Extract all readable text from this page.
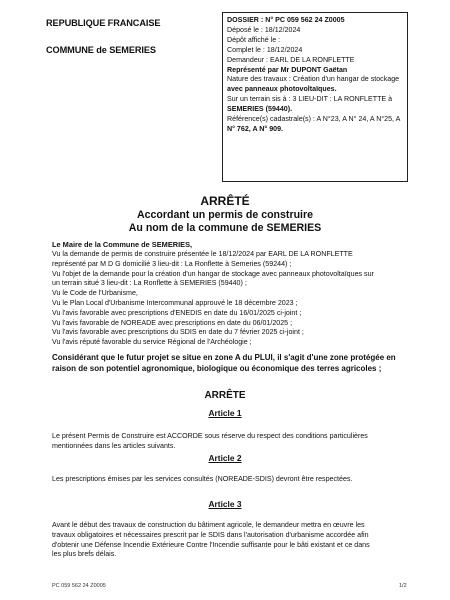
REPUBLIQUE FRANCAISE
COMMUNE de SEMERIES
DOSSIER : N° PC 059 562 24 Z0005
Déposé le : 18/12/2024
Dépôt affiché le :
Complet le : 18/12/2024
Demandeur : EARL DE LA RONFLETTE
Représenté par Mr DUPONT Gaëtan
Nature des travaux : Création d'un hangar de stockage
avec panneaux photovoltaïques.
Sur un terrain sis à : 3 LIEU-DIT : LA RONFLETTE à
SEMERIES (59440).
Référence(s) cadastrale(s) : A N°23, A N° 24, A N°25, A
N° 762, A N° 909.
ARRÊTÉ
Accordant un permis de construire
Au nom de la commune de SEMERIES
Le Maire de la Commune de SEMERIES,
Vu la demande de permis de construire présentée le 18/12/2024 par EARL DE LA RONFLETTE
représenté par M D G domicilié 3 lieu-dit : La Ronflette à Semeries (59244) ;
Vu l'objet de la demande pour la création d'un hangar de stockage avec panneaux photovoltaïques sur
un terrain situé 3 lieu-dit : La Ronflette à SEMERIES (59440) ;
Vu le Code de l'Urbanisme,
Vu le Plan Local d'Urbanisme Intercommunal approuvé le 18 décembre 2023 ;
Vu l'avis favorable avec prescriptions d'ENEDIS en date du 16/01/2025 ci-joint ;
Vu l'avis favorable de NOREADE avec prescriptions en date du 06/01/2025 ;
Vu l'avis favorable avec prescriptions du SDIS en date du 7 février 2025 ci-joint ;
Vu l'avis réputé favorable du service Régional de l'Archéologie ;
Considérant que le futur projet se situe en zone A du PLUI, il s'agit d'une zone protégée en
raison de son potentiel agronomique, biologique ou économique des terres agricoles ;
ARRÊTE
Article 1
Le présent Permis de Construire est ACCORDE sous réserve du respect des conditions particulières
mentionnées dans les articles suivants.
Article 2
Les prescriptions émises par les services consultés (NOREADE-SDIS) devront être respectées.
Article 3
Avant le début des travaux de construction du bâtiment agricole, le demandeur mettra en œuvre les
travaux obligatoires et nécessaires prescrit par le SDIS dans l'autorisation d'urbanisme accordée afin
d'obtenir une Défense Incendie Extérieure Contre l'Incendie suffisante pour le bâti existant et ce dans
les plus brefs délais.
PC 059 562 24 Z0005	1/2
